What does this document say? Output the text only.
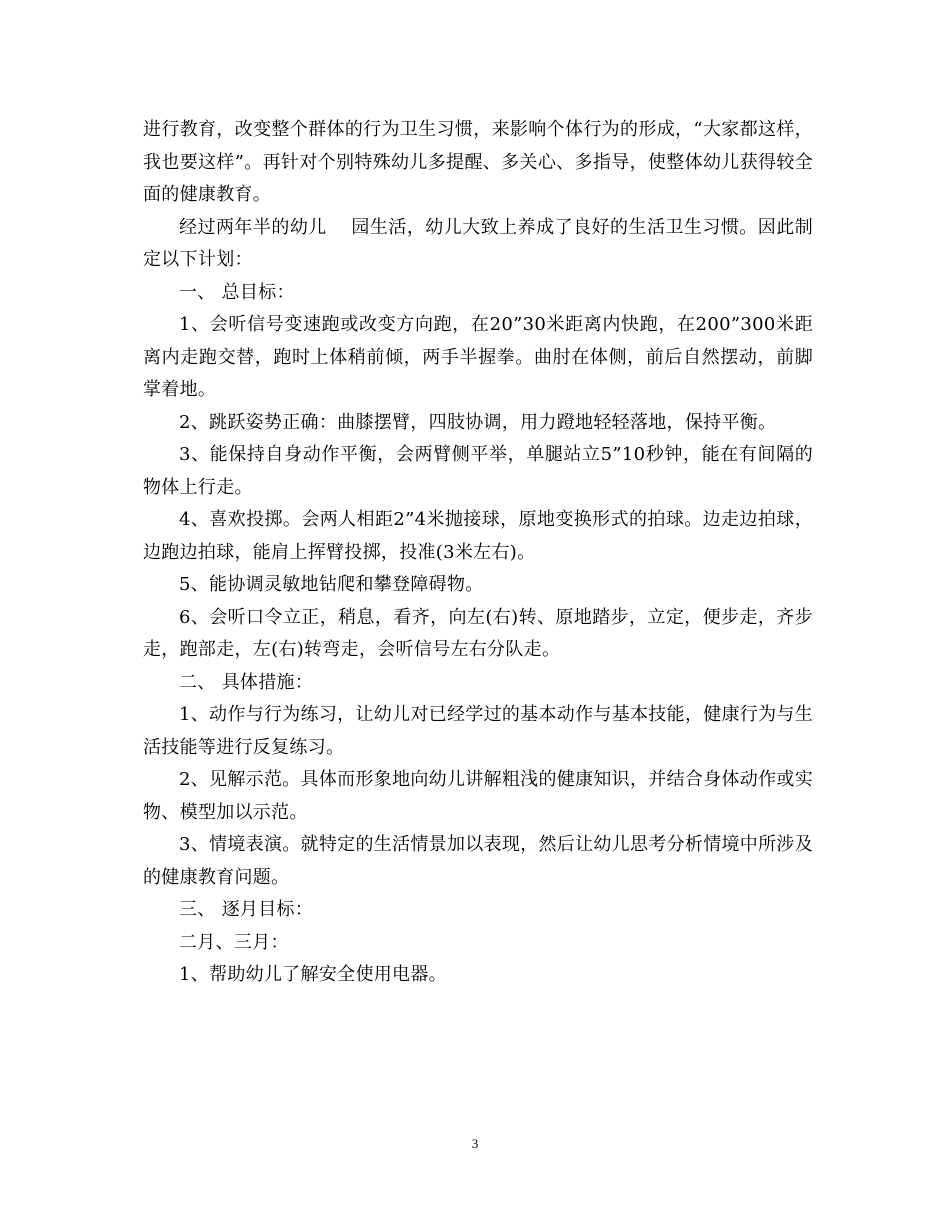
进行教育，改变整个群体的行为卫生习惯，来影响个体行为的形成，“大家都这样，我也要这样”。再针对个别特殊幼儿多提醒、多关心、多指导，使整体幼儿获得较全面的健康教育。

经过两年半的幼儿　 园生活，幼儿大致上养成了良好的生活卫生习惯。因此制定以下计划：

一、 总目标：

1、会听信号变速跑或改变方向跑，在20”30米距离内快跑，在200”300米距离内走跑交替，跑时上体稍前倾，两手半握拳。曲肘在体侧，前后自然摆动，前脚掌着地。

2、跳跃姿势正确：曲膝摆臂，四肢协调，用力蹬地轻轻落地，保持平衡。

3、能保持自身动作平衡，会两臂侧平举，单腿站立5”10秒钟，能在有间隔的物体上行走。

4、喜欢投掷。会两人相距2”4米抛接球，原地变换形式的拍球。边走边拍球，边跑边拍球，能肩上挥臂投掷，投准(3米左右)。

5、能协调灵敏地钻爬和攀登障碍物。

6、会听口令立正，稍息，看齐，向左(右)转、原地踏步，立定，便步走，齐步走，跑部走，左(右)转弯走，会听信号左右分队走。

二、 具体措施：

1、动作与行为练习，让幼儿对已经学过的基本动作与基本技能，健康行为与生活技能等进行反复练习。

2、见解示范。具体而形象地向幼儿讲解粗浅的健康知识，并结合身体动作或实物、模型加以示范。

3、情境表演。就特定的生活情景加以表现，然后让幼儿思考分析情境中所涉及的健康教育问题。

三、 逐月目标：

二月、三月：

1、帮助幼儿了解安全使用电器。

3
